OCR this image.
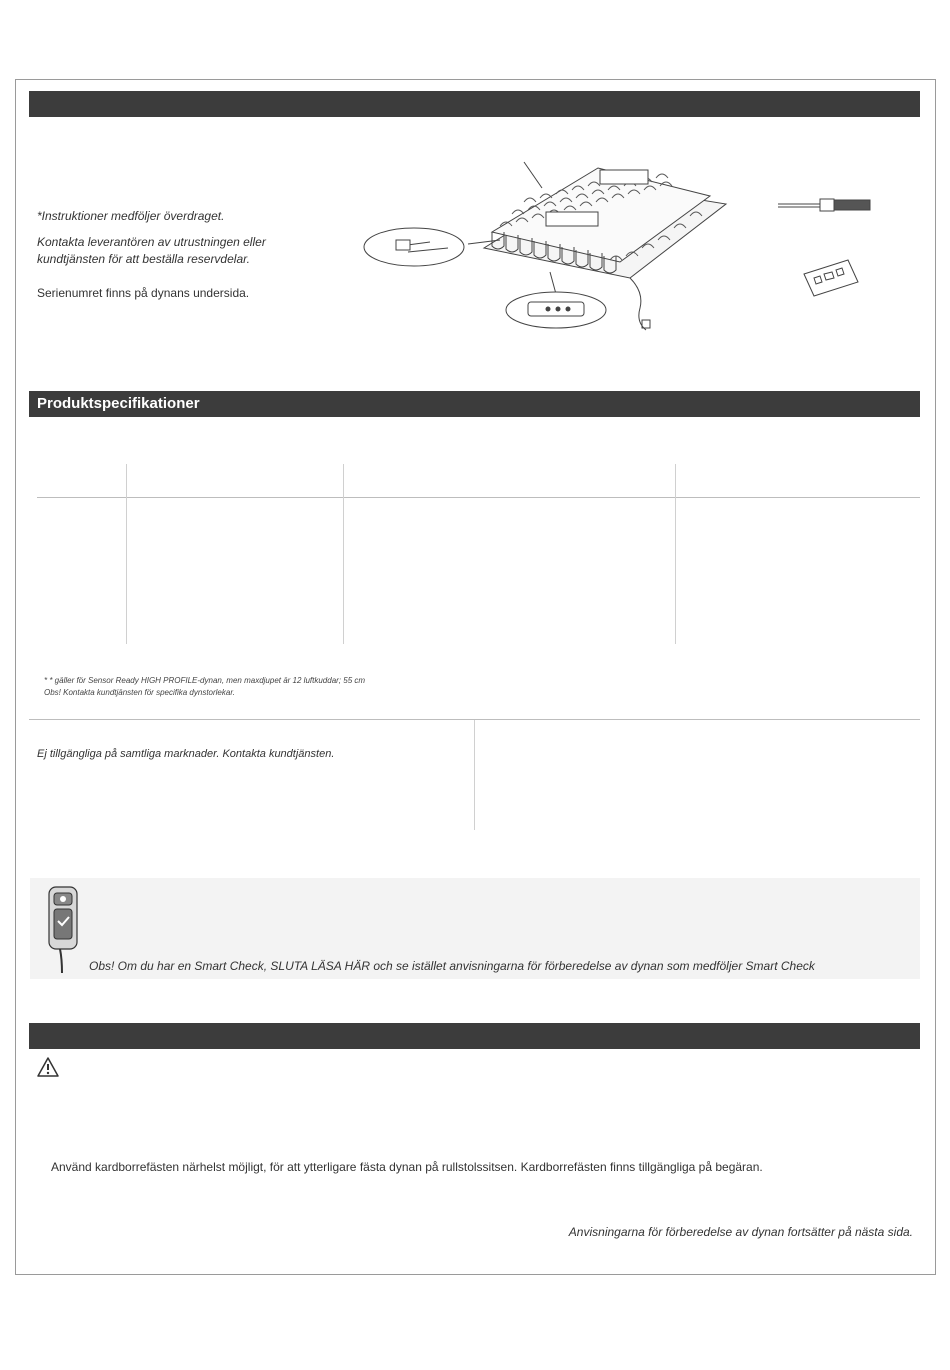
*Instruktioner medföljer överdraget.
Kontakta leverantören av utrustningen eller kundtjänsten för att beställa reservdelar.
Serienumret finns på dynans undersida.
Produktspecifikationer
* * gäller för Sensor Ready HIGH PROFILE-dynan, men maxdjupet är 12 luftkuddar; 55 cm
Obs! Kontakta kundtjänsten för specifika dynstorlekar.
Ej tillgängliga på samtliga marknader. Kontakta kundtjänsten.
Obs! Om du har en Smart Check, SLUTA LÄSA HÄR och se istället anvisningarna för förberedelse av dynan som medföljer Smart Check
Använd kardborrefästen närhelst möjligt, för att ytterligare fästa dynan på rullstolssitsen. Kardborrefästen finns tillgängliga på begäran.
Anvisningarna för förberedelse av dynan fortsätter på nästa sida.
